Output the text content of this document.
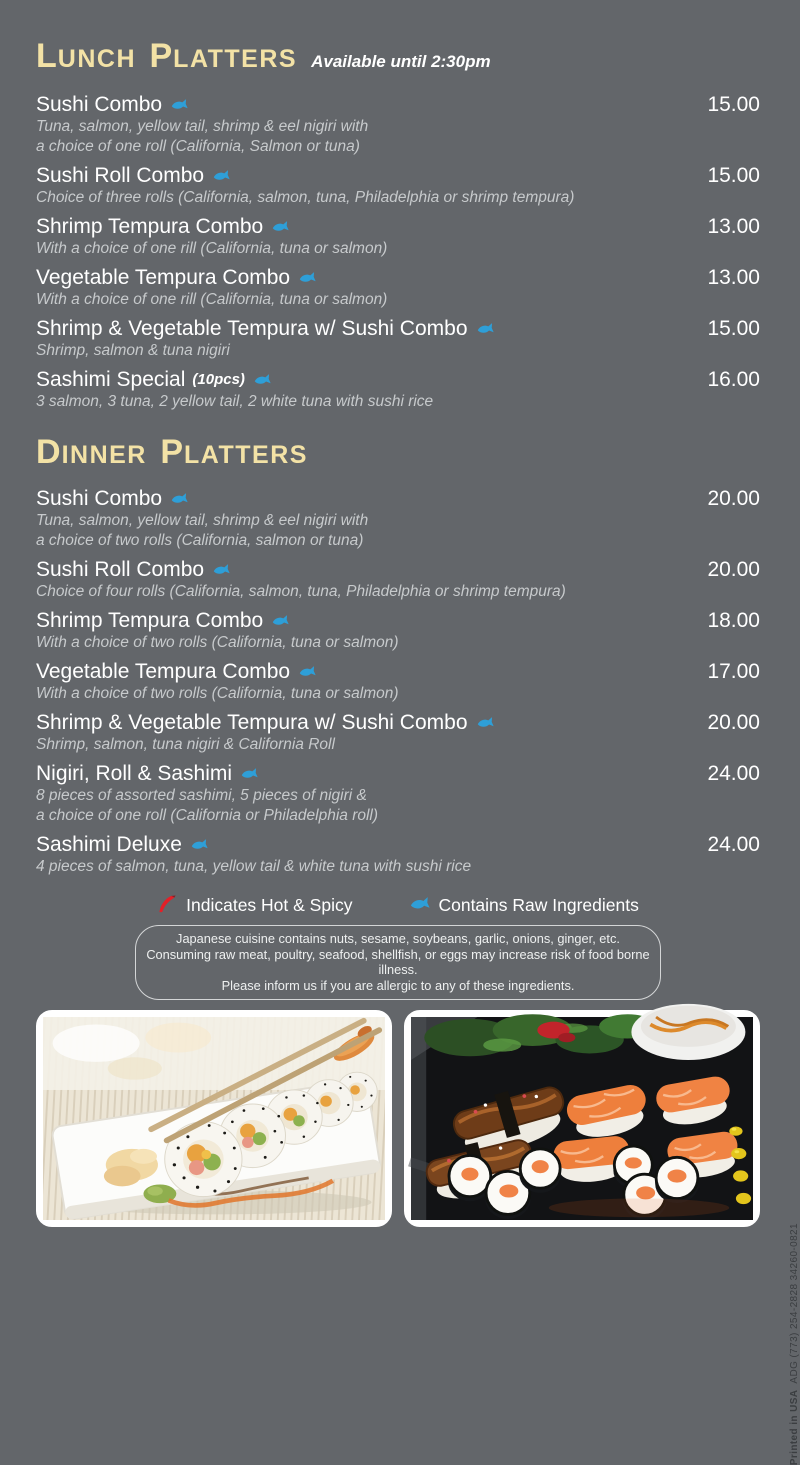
LUNCH  PLATTERS Available until 2:30pm
Sushi Combo	15.00
Tuna, salmon, yellow tail, shrimp & eel nigiri with
a choice of one roll (California, Salmon or tuna)
Sushi Roll Combo	15.00
Choice of three rolls (California, salmon, tuna, Philadelphia or shrimp tempura)
Shrimp Tempura Combo	13.00
With a choice of one rill (California, tuna or salmon)
Vegetable Tempura Combo	13.00
With a choice of one rill (California, tuna or salmon)
Shrimp & Vegetable Tempura w/ Sushi Combo	15.00
Shrimp, salmon & tuna nigiri
Sashimi Special (10pcs)	16.00
3 salmon, 3 tuna, 2 yellow tail, 2 white tuna with sushi rice
DINNER  PLATTERS
Sushi Combo	20.00
Tuna, salmon, yellow tail, shrimp & eel nigiri with
a choice of two rolls (California, salmon or tuna)
Sushi Roll Combo	20.00
Choice of four rolls (California, salmon, tuna, Philadelphia or shrimp tempura)
Shrimp Tempura Combo	18.00
With a choice of two rolls (California, tuna or salmon)
Vegetable Tempura Combo	17.00
With a choice of two rolls (California, tuna or salmon)
Shrimp & Vegetable Tempura w/ Sushi Combo	20.00
Shrimp, salmon, tuna nigiri & California Roll
Nigiri, Roll & Sashimi	24.00
8 pieces of assorted sashimi, 5 pieces of nigiri &
a choice of one roll (California or Philadelphia roll)
Sashimi Deluxe	24.00
4 pieces of salmon, tuna, yellow tail & white tuna with sushi rice
Indicates Hot & Spicy	Contains Raw Ingredients
Japanese cuisine contains nuts, sesame, soybeans, garlic, onions, ginger, etc.
Consuming raw meat, poultry, seafood, shellfish, or eggs may increase risk of food borne illness.
Please inform us if you are allergic to any of these ingredients.
Printed in USAADG (773) 254-2828 34260-0821
